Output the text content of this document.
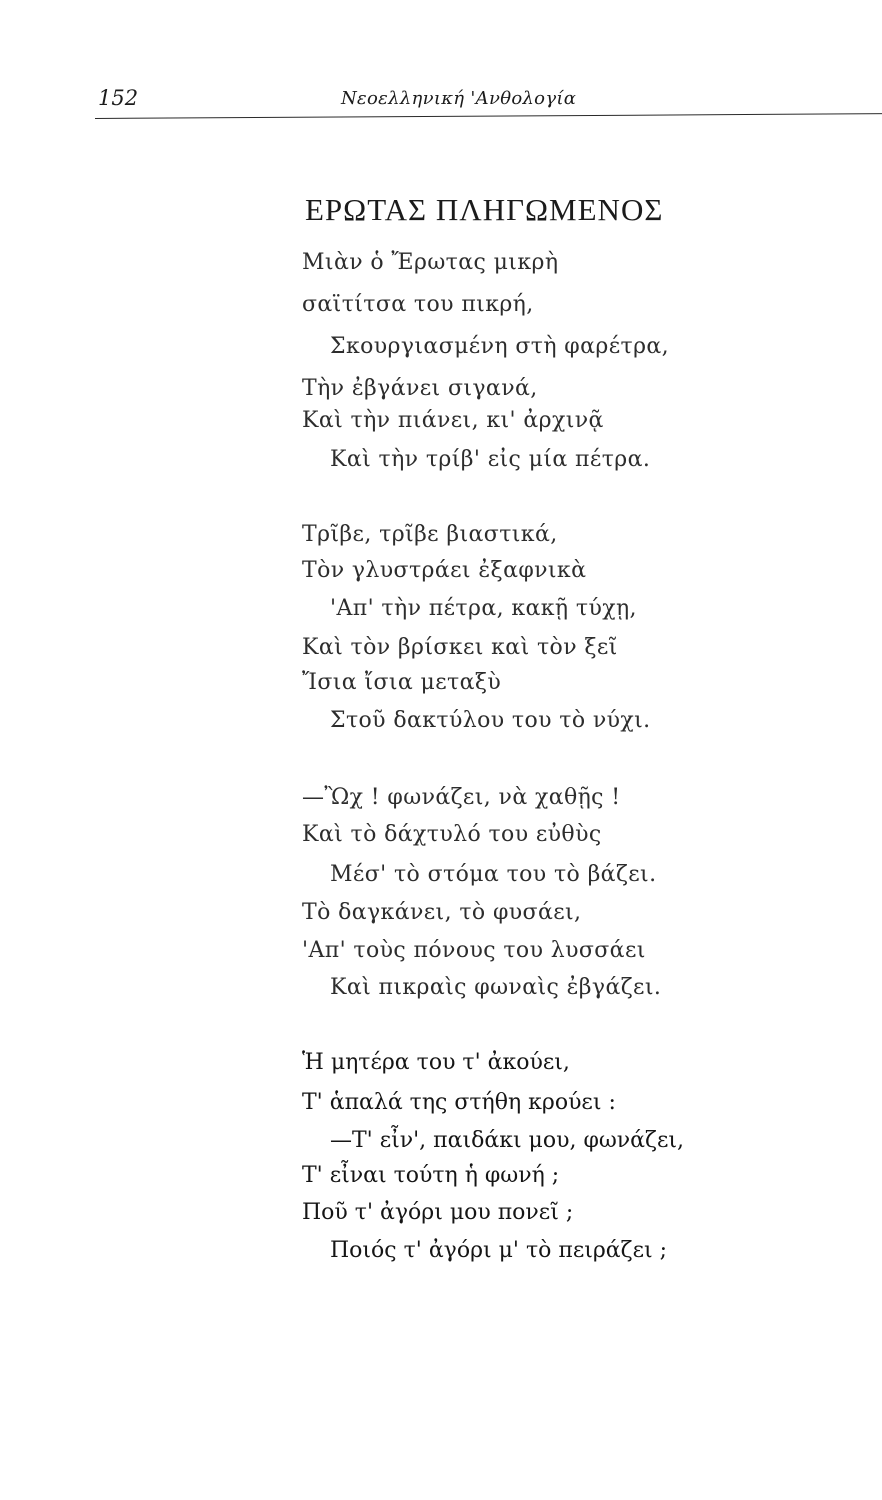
152	Νεοελληνική 'Ανθολογία
ΕΡΩΤΑΣ ΠΛΗΓΩΜΕΝΟΣ
Μιὰν ὁ Ἔρωτας μικρὴ
σαϊτίτσα του πικρή,
Σκουργιασμένη στὴ φαρέτρα,
Τὴν ἐβγάνει σιγανά,
Καὶ τὴν πιάνει, κι' ἀρχινᾷ
Καὶ τὴν τρίβ' εἰς μία πέτρα.
Τρῖβε, τρῖβε βιαστικά,
Τὸν γλυστράει ἐξαφνικὰ
'Απ' τὴν πέτρα, κακῇ τύχῃ,
Καὶ τὸν βρίσκει καὶ τὸν ξεῖ
Ἴσια ἴσια μεταξὺ
Στοῦ δακτύλου του τὸ νύχι.
—Ὢχ ! φωνάζει, νὰ χαθῇς !
Καὶ τὸ δάχτυλό του εὐθὺς
Μέσ' τὸ στόμα του τὸ βάζει.
Τὸ δαγκάνει, τὸ φυσάει,
'Απ' τοὺς πόνους του λυσσάει
Καὶ πικραὶς φωναὶς ἐβγάζει.
Ἡ μητέρα του τ' ἀκούει,
Τ' ἁπαλά της στήθη κρούει :
—Τ' εἶν', παιδάκι μου, φωνάζει,
Τ' εἶναι τούτη ἡ φωνή ;
Ποῦ τ' ἀγόρι μου πονεῖ ;
Ποιός τ' ἀγόρι μ' τὸ πειράζει ;
